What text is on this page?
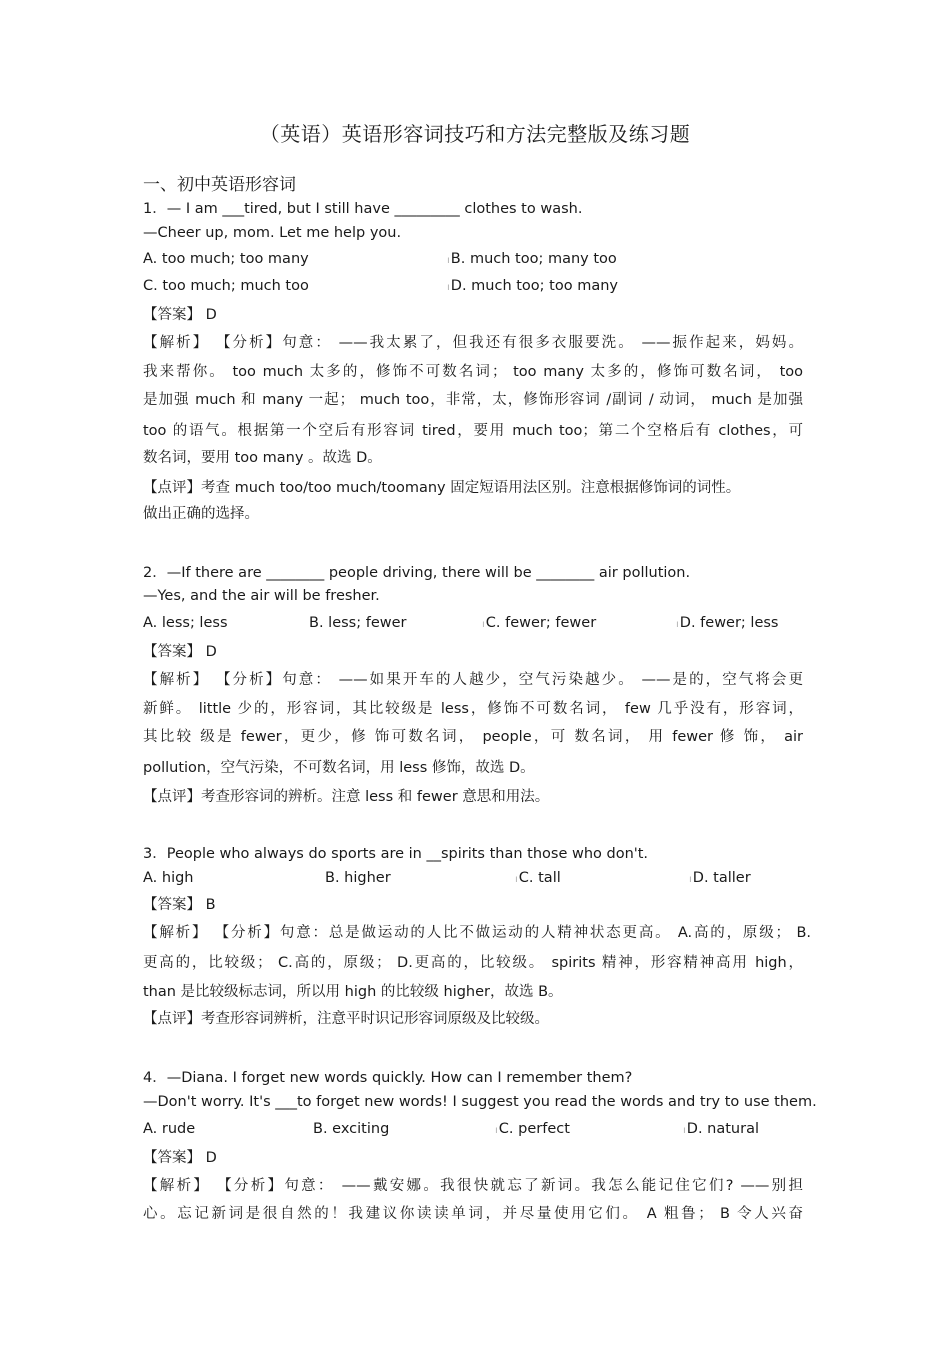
（英语）英语形容词技巧和方法完整版及练习题
一、初中英语形容词
1．— I am ___tired, but I still have _________ clothes to wash.
—Cheer up, mom. Let me help you.
A. too much; too many	ıB. much too; many too
C. too much; much too	ıD. much too; too many
【答案】 D
【解析】 【分析】句意： ——我太累了，但我还有很多衣服要洗。 ——振作起来，妈妈。
我来帮你。 too much 太多的，修饰不可数名词； too many 太多的，修饰可数名词， too
是加强 much 和 many 一起； much too，非常，太，修饰形容词 /副词 / 动词， much 是加强
too 的语气。根据第一个空后有形容词 tired，要用 much too；第二个空格后有 clothes，可
数名词，要用 too many 。故选 D。
【点评】考查 much too/too much/toomany 固定短语用法区别。注意根据修饰词的词性。
做出正确的选择。
2．—If there are ________ people driving, there will be ________ air pollution.
—Yes, and the air will be fresher.
A. less; less	B. less; fewer	ıC. fewer; fewer	ıD. fewer; less
【答案】 D
【解析】 【分析】句意： ——如果开车的人越少，空气污染越少。 ——是的，空气将会更
新鲜。 little 少的，形容词，其比较级是 less，修饰不可数名词， few 几乎没有，形容词，
其比较 级是 fewer，更少，修 饰可数名词， people，可 数名词， 用 fewer 修 饰， air
pollution，空气污染，不可数名词，用 less 修饰，故选 D。
【点评】考查形容词的辨析。注意 less 和 fewer 意思和用法。
3．People who always do sports are in __spirits than those who don't.
A. high	B. higher	ıC. tall	ıD. taller
【答案】 B
【解析】 【分析】句意：总是做运动的人比不做运动的人精神状态更高。 A.高的，原级； B.
更高的，比较级； C.高的，原级； D.更高的，比较级。 spirits 精神，形容精神高用 high，
than 是比较级标志词，所以用 high 的比较级 higher，故选 B。
【点评】考查形容词辨析，注意平时识记形容词原级及比较级。
4．—Diana. I forget new words quickly. How can I remember them?
—Don't worry. It's ___to forget new words! I suggest you read the words and try to use them.
A. rude	B. exciting	ıC. perfect	ıD. natural
【答案】 D
【解析】 【分析】句意： ——戴安娜。我很快就忘了新词。我怎么能记住它们? ——别担
心。忘记新词是很自然的！我建议你读读单词，并尽量使用它们。 A 粗鲁； B 令人兴奋
